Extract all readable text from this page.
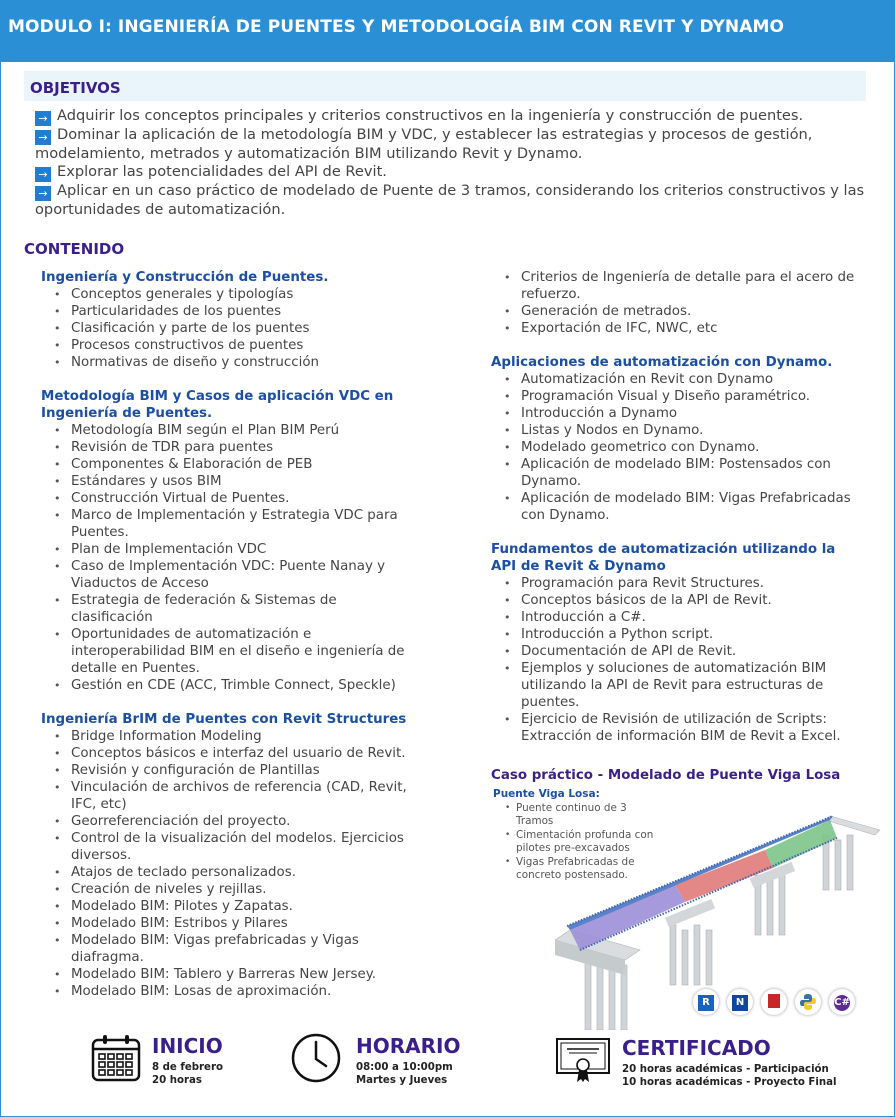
MODULO I: INGENIERÍA DE PUENTES Y METODOLOGÍA BIM CON REVIT Y DYNAMO
OBJETIVOS

→ Adquirir los conceptos principales y criterios constructivos en la ingeniería y construcción de puentes.

→ Dominar la aplicación de la metodología BIM y VDC, y establecer las estrategias y procesos de gestión, modelamiento, metrados y automatización BIM utilizando Revit y Dynamo.

→ Explorar las potencialidades del API de Revit.

→ Aplicar en un caso práctico de modelado de Puente de 3 tramos, considerando los criterios constructivos y las oportunidades de automatización.

CONTENIDO
Ingeniería y Construcción de Puentes.
• Conceptos generales y tipologías
• Particularidades de los puentes
• Clasificación y parte de los puentes
• Procesos constructivos de puentes
• Normativas de diseño y construcción
Metodología BIM y Casos de aplicación VDC en Ingeniería de Puentes.
• Metodología BIM según el Plan BIM Perú
• Revisión de TDR para puentes
• Componentes & Elaboración de PEB
• Estándares y usos BIM
• Construcción Virtual de Puentes.
• Marco de Implementación y Estrategia VDC para Puentes.
• Plan de Implementación VDC
• Caso de Implementación VDC: Puente Nanay y Viaductos de Acceso
• Estrategia de federación & Sistemas de clasificación
• Oportunidades de automatización e interoperabilidad BIM en el diseño e ingeniería de detalle en Puentes.
• Gestión en CDE (ACC, Trimble Connect, Speckle)
Ingeniería BrIM de Puentes con Revit Structures
• Bridge Information Modeling
• Conceptos básicos e interfaz del usuario de Revit.
• Revisión y configuración de Plantillas
• Vinculación de archivos de referencia (CAD, Revit, IFC, etc)
• Georreferenciación del proyecto.
• Control de la visualización del modelos. Ejercicios diversos.
• Atajos de teclado personalizados.
• Creación de niveles y rejillas.
• Modelado BIM: Pilotes y Zapatas.
• Modelado BIM: Estribos y Pilares
• Modelado BIM: Vigas prefabricadas y Vigas diafragma.
• Modelado BIM: Tablero y Barreras New Jersey.
• Modelado BIM: Losas de aproximación.
• Criterios de Ingeniería de detalle para el acero de refuerzo.
• Generación de metrados.
• Exportación de IFC, NWC, etc
Aplicaciones de automatización con Dynamo.
• Automatización en Revit con Dynamo
• Programación Visual y Diseño paramétrico.
• Introducción a Dynamo
• Listas y Nodos en Dynamo.
• Modelado geometrico con Dynamo.
• Aplicación de modelado BIM: Postensados con Dynamo.
• Aplicación de modelado BIM: Vigas Prefabricadas con Dynamo.
Fundamentos de automatización utilizando la API de Revit & Dynamo
• Programación para Revit Structures.
• Conceptos básicos de la API de Revit.
• Introducción a C#.
• Introducción a Python script.
• Documentación de API de Revit.
• Ejemplos y soluciones de automatización BIM utilizando la API de Revit para estructuras de puentes.
• Ejercicio de Revisión de utilización de Scripts: Extracción de información BIM de Revit a Excel.
Caso práctico - Modelado de Puente Viga Losa
Puente Viga Losa:
• Puente continuo de 3 Tramos
• Cimentación profunda con pilotes pre-excavados
• Vigas Prefabricadas de concreto postensado.
R	N	C#
INICIO
8 de febrero
20 horas
HORARIO
08:00 a 10:00pm
Martes y Jueves
CERTIFICADO
20 horas académicas - Participación
10 horas académicas - Proyecto Final
